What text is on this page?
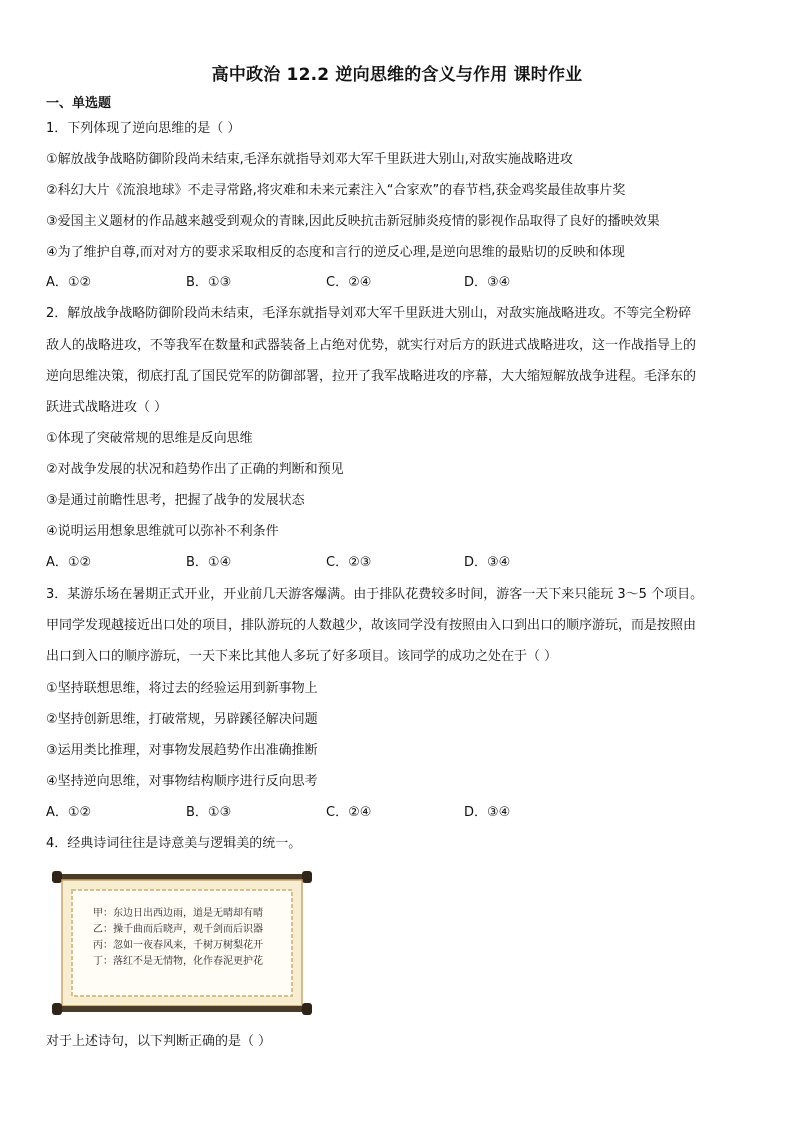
高中政治 12.2 逆向思维的含义与作用 课时作业
一、单选题
1．下列体现了逆向思维的是（ ）
①解放战争战略防御阶段尚未结束,毛泽东就指导刘邓大军千里跃进大别山,对敌实施战略进攻
②科幻大片《流浪地球》不走寻常路,将灾难和未来元素注入“合家欢”的春节档,获金鸡奖最佳故事片奖
③爱国主义题材的作品越来越受到观众的青睐,因此反映抗击新冠肺炎疫情的影视作品取得了良好的播映效果
④为了维护自尊,而对对方的要求采取相反的态度和言行的逆反心理,是逆向思维的最贴切的反映和体现
A．①②	B．①③	C．②④	D．③④
2．解放战争战略防御阶段尚未结束，毛泽东就指导刘邓大军千里跃进大别山，对敌实施战略进攻。不等完全粉碎
敌人的战略进攻，不等我军在数量和武器装备上占绝对优势，就实行对后方的跃进式战略进攻，这一作战指导上的
逆向思维决策，彻底打乱了国民党军的防御部署，拉开了我军战略进攻的序幕，大大缩短解放战争进程。毛泽东的
跃进式战略进攻（ ）
①体现了突破常规的思维是反向思维
②对战争发展的状况和趋势作出了正确的判断和预见
③是通过前瞻性思考，把握了战争的发展状态
④说明运用想象思维就可以弥补不利条件
A．①②	B．①④	C．②③	D．③④
3．某游乐场在暑期正式开业，开业前几天游客爆满。由于排队花费较多时间，游客一天下来只能玩 3～5 个项目。
甲同学发现越接近出口处的项目，排队游玩的人数越少，故该同学没有按照由入口到出口的顺序游玩，而是按照由
出口到入口的顺序游玩，一天下来比其他人多玩了好多项目。该同学的成功之处在于（ ）
①坚持联想思维，将过去的经验运用到新事物上
②坚持创新思维，打破常规，另辟蹊径解决问题
③运用类比推理，对事物发展趋势作出准确推断
④坚持逆向思维，对事物结构顺序进行反向思考
A．①②	B．①③	C．②④	D．③④
4．经典诗词往往是诗意美与逻辑美的统一。
甲：东边日出西边雨，道是无晴却有晴
乙：操千曲而后晓声，观千剑而后识器
丙：忽如一夜春风来，千树万树梨花开
丁：落红不是无情物，化作春泥更护花
对于上述诗句，以下判断正确的是（ ）
